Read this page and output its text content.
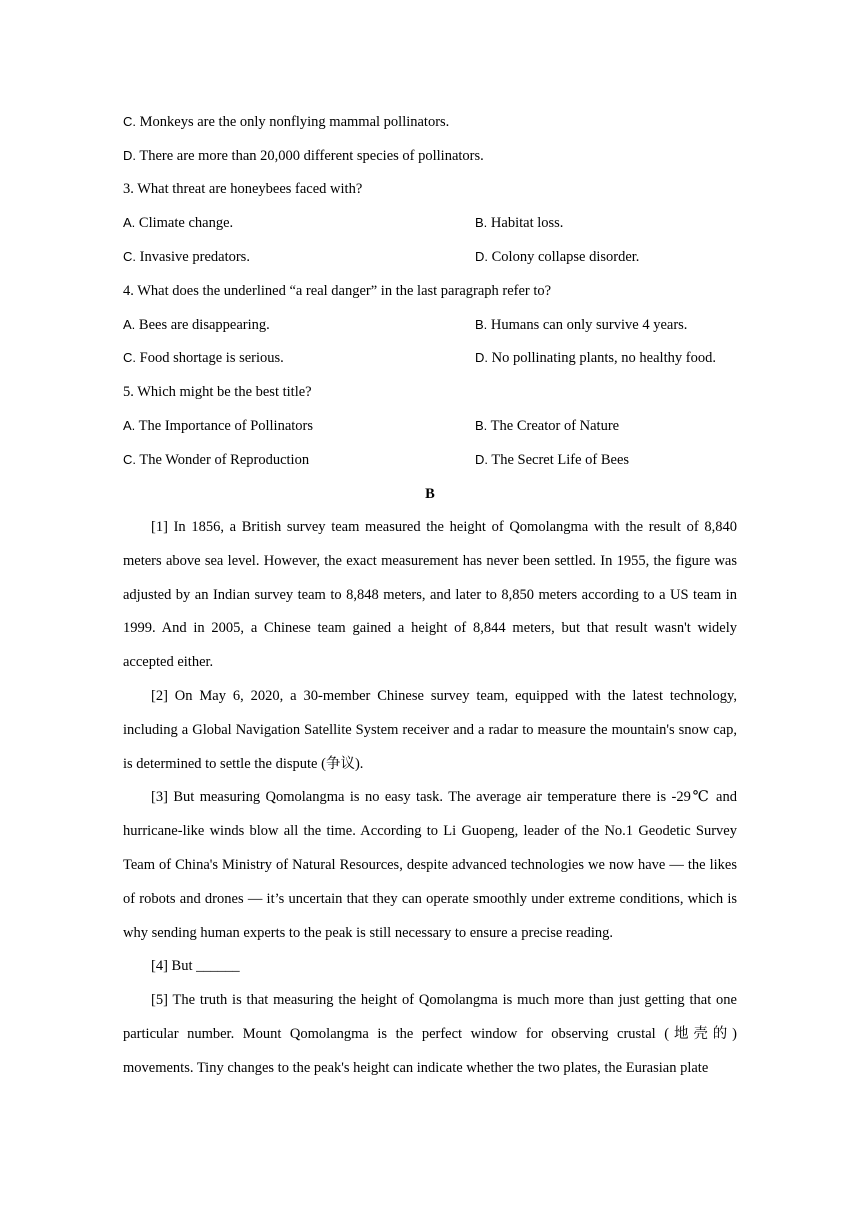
C. Monkeys are the only nonflying mammal pollinators.
D. There are more than 20,000 different species of pollinators.
3. What threat are honeybees faced with?
A. Climate change.	B. Habitat loss.
C. Invasive predators.	D. Colony collapse disorder.
4. What does the underlined “a real danger” in the last paragraph refer to?
A. Bees are disappearing.	B. Humans can only survive 4 years.
C. Food shortage is serious.	D. No pollinating plants, no healthy food.
5. Which might be the best title?
A. The Importance of Pollinators	B. The Creator of Nature
C. The Wonder of Reproduction	D. The Secret Life of Bees
B

[1] In 1856, a British survey team measured the height of Qomolangma with the result of 8,840 meters above sea level. However, the exact measurement has never been settled. In 1955, the figure was adjusted by an Indian survey team to 8,848 meters, and later to 8,850 meters according to a US team in 1999. And in 2005, a Chinese team gained a height of 8,844 meters, but that result wasn't widely accepted either.

[2] On May 6, 2020, a 30-member Chinese survey team, equipped with the latest technology, including a Global Navigation Satellite System receiver and a radar to measure the mountain's snow cap, is determined to settle the dispute (争议).

[3] But measuring Qomolangma is no easy task. The average air temperature there is -29℃ and hurricane-like winds blow all the time. According to Li Guopeng, leader of the No.1 Geodetic Survey Team of China's Ministry of Natural Resources, despite advanced technologies we now have — the likes of robots and drones — it’s uncertain that they can operate smoothly under extreme conditions, which is why sending human experts to the peak is still necessary to ensure a precise reading.

[4] But ______

[5] The truth is that measuring the height of Qomolangma is much more than just getting that one particular number. Mount Qomolangma is the perfect window for observing crustal (地壳的) movements. Tiny changes to the peak's height can indicate whether the two plates, the Eurasian plate
